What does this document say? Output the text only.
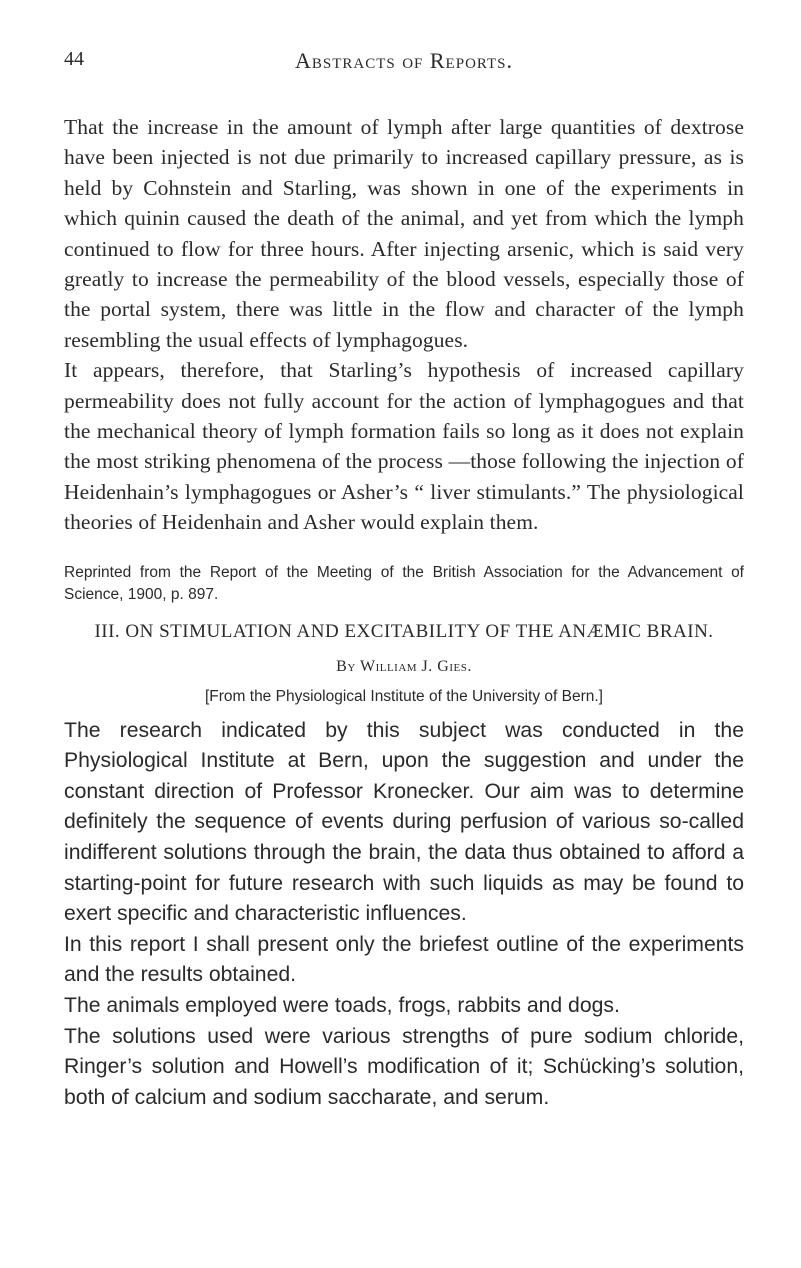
44	Abstracts of Reports.

That the increase in the amount of lymph after large quantities of dextrose have been injected is not due primarily to increased capillary pressure, as is held by Cohnstein and Starling, was shown in one of the experiments in which quinin caused the death of the animal, and yet from which the lymph continued to flow for three hours. After injecting arsenic, which is said very greatly to increase the permeability of the blood vessels, especially those of the portal system, there was little in the flow and character of the lymph resembling the usual effects of lymphagogues.

It appears, therefore, that Starling’s hypothesis of increased capillary permeability does not fully account for the action of lymphagogues and that the mechanical theory of lymph formation fails so long as it does not explain the most striking phenomena of the process —those following the injection of Heidenhain’s lymphagogues or Asher’s “ liver stimulants.” The physiological theories of Heidenhain and Asher would explain them.

Reprinted from the Report of the Meeting of the British Association for the Advancement of Science, 1900, p. 897.
III. ON STIMULATION AND EXCITABILITY OF THE ANÆMIC BRAIN.
By William J. Gies.
[From the Physiological Institute of the University of Bern.]

The research indicated by this subject was conducted in the Physiological Institute at Bern, upon the suggestion and under the constant direction of Professor Kronecker. Our aim was to determine definitely the sequence of events during perfusion of various so-called indifferent solutions through the brain, the data thus obtained to afford a starting-point for future research with such liquids as may be found to exert specific and characteristic influences.

In this report I shall present only the briefest outline of the experiments and the results obtained.

The animals employed were toads, frogs, rabbits and dogs.

The solutions used were various strengths of pure sodium chloride, Ringer’s solution and Howell’s modification of it; Schücking’s solution, both of calcium and sodium saccharate, and serum.
